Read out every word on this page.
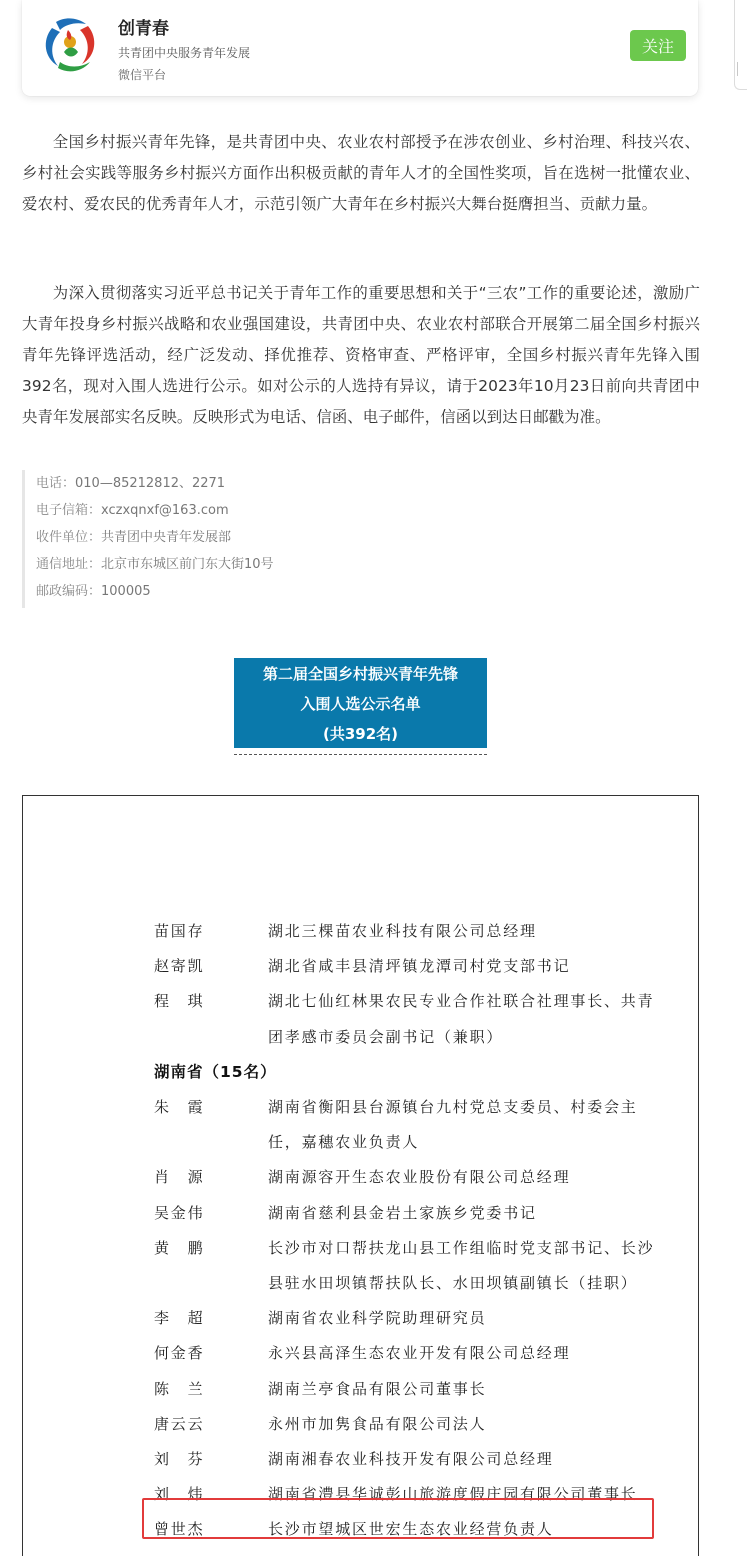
创青春
共青团中央服务青年发展
微信平台
关注

全国乡村振兴青年先锋，是共青团中央、农业农村部授予在涉农创业、乡村治理、科技兴农、乡村社会实践等服务乡村振兴方面作出积极贡献的青年人才的全国性奖项，旨在选树一批懂农业、爱农村、爱农民的优秀青年人才，示范引领广大青年在乡村振兴大舞台挺膺担当、贡献力量。

为深入贯彻落实习近平总书记关于青年工作的重要思想和关于“三农”工作的重要论述，激励广大青年投身乡村振兴战略和农业强国建设，共青团中央、农业农村部联合开展第二届全国乡村振兴青年先锋评选活动，经广泛发动、择优推荐、资格审查、严格评审，全国乡村振兴青年先锋入围392名，现对入围人选进行公示。如对公示的人选持有异议，请于2023年10月23日前向共青团中央青年发展部实名反映。反映形式为电话、信函、电子邮件，信函以到达日邮戳为准。

电话：010—85212812、2271
电子信箱：xczxqnxf@163.com
收件单位：共青团中央青年发展部
通信地址：北京市东城区前门东大街10号
邮政编码：100005
第二届全国乡村振兴青年先锋
入围人选公示名单
(共392名)
苗国存	湖北三棵苗农业科技有限公司总经理
赵寄凯	湖北省咸丰县清坪镇龙潭司村党支部书记
程　琪	湖北七仙红林果农民专业合作社联合社理事长、共青团孝感市委员会副书记（兼职）
湖南省（15名）
朱　霞	湖南省衡阳县台源镇台九村党总支委员、村委会主任，嘉穗农业负责人
肖　源	湖南源容开生态农业股份有限公司总经理
吴金伟	湖南省慈利县金岩土家族乡党委书记
黄　鹏	长沙市对口帮扶龙山县工作组临时党支部书记、长沙县驻水田坝镇帮扶队长、水田坝镇副镇长（挂职）
李　超	湖南省农业科学院助理研究员
何金香	永兴县高泽生态农业开发有限公司总经理
陈　兰	湖南兰亭食品有限公司董事长
唐云云	永州市加隽食品有限公司法人
刘　芬	湖南湘春农业科技开发有限公司总经理
刘　炜	湖南省澧县华诚彭山旅游度假庄园有限公司董事长
曾世杰	长沙市望城区世宏生态农业经营负责人
